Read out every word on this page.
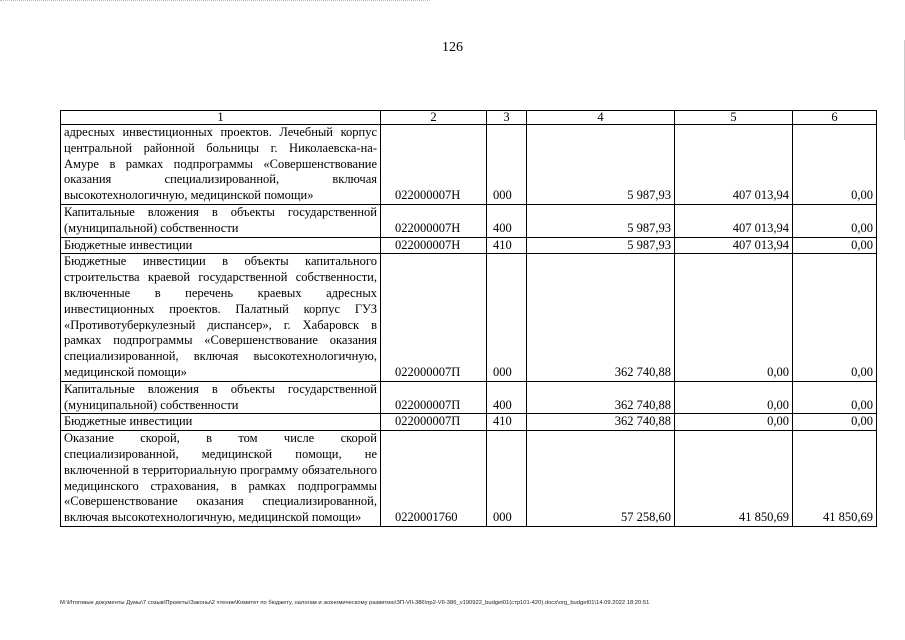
126
1	2	3	4	5	6
адресных инвестиционных проектов. Лечебный корпус центральной районной больницы г. Николаевска-на-Амуре в рамках подпрограммы «Совершенствование оказания специализированной, включая высокотехнологичную, медицинской помощи»	022000007Н	000	5 987,93	407 013,94	0,00
Капитальные вложения в объекты государственной (муниципальной) собственности	022000007Н	400	5 987,93	407 013,94	0,00
Бюджетные инвестиции	022000007Н	410	5 987,93	407 013,94	0,00
Бюджетные инвестиции в объекты капитального строительства краевой государственной собственности, включенные в перечень краевых адресных инвестиционных проектов. Палатный корпус ГУЗ «Противотуберкулезный диспансер», г. Хабаровск в рамках подпрограммы «Совершенствование оказания специализированной, включая высокотехнологичную, медицинской помощи»	022000007П	000	362 740,88	0,00	0,00
Капитальные вложения в объекты государственной (муниципальной) собственности	022000007П	400	362 740,88	0,00	0,00
Бюджетные инвестиции	022000007П	410	362 740,88	0,00	0,00
Оказание скорой, в том числе скорой специализированной, медицинской помощи, не включенной в территориальную программу обязательного медицинского страхования, в рамках подпрограммы «Совершенствование оказания специализированной, включая высокотехнологичную, медицинской помощи»	0220001760	000	57 258,60	41 850,69	41 850,69
M:\Итоговые документы Думы\7 созыв\Проекты\Законы\2 чтение\Комитет по бюджету, налогам и экономическому развитию\ЗП-VII-386\пр2-VII-386_v190922_budget01(стр101-420).docx\org_budget01\14.09.2022 18:20:51
